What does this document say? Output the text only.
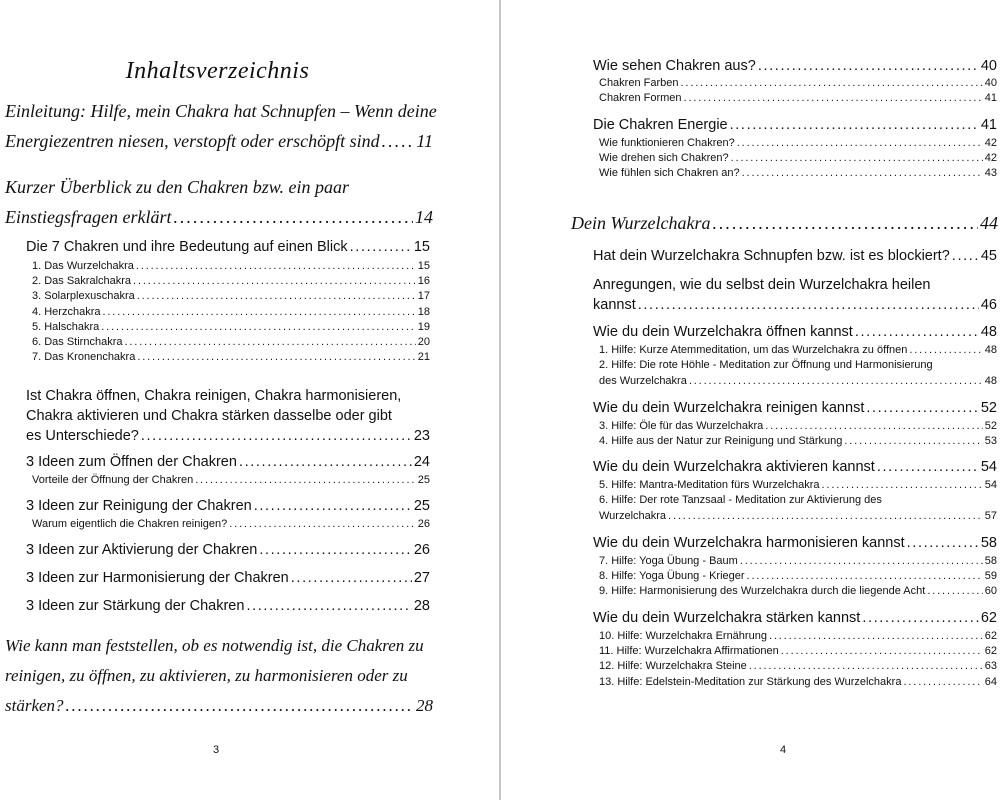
Inhaltsverzeichnis
Einleitung: Hilfe, mein Chakra hat Schnupfen – Wenn deine
Energiezentren niesen, verstopft oder erschöpft sind . . . 11
Kurzer Überblick zu den Chakren bzw. ein paar
Einstiegsfragen erklärt . . .	14
Die 7 Chakren und ihre Bedeutung auf einen Blick . . .	15
1. Das Wurzelchakra . . .	15
2. Das Sakralchakra . . .	16
3. Solarplexuschakra . . .	17
4. Herzchakra . . .	18
5. Halschakra . . .	19
6. Das Stirnchakra . . .	20
7. Das Kronenchakra . . .	21
Ist Chakra öffnen, Chakra reinigen, Chakra harmonisieren,
Chakra aktivieren und Chakra stärken dasselbe oder gibt
es Unterschiede? . . .	23
3 Ideen zum Öffnen der Chakren . . .	24
Vorteile der Öffnung der Chakren . . .	25
3 Ideen zur Reinigung der Chakren . . .	25
Warum eigentlich die Chakren reinigen? . . .	26
3 Ideen zur Aktivierung der Chakren . . .	26
3 Ideen zur Harmonisierung der Chakren . . .	27
3 Ideen zur Stärkung der Chakren . . .	28
Wie kann man feststellen, ob es notwendig ist, die Chakren zu
reinigen, zu öffnen, zu aktivieren, zu harmonisieren oder zu
stärken? . . .	28
3
Wie sehen Chakren aus? . . .	40
Chakren Farben . . .	40
Chakren Formen . . .	41
Die Chakren Energie . . .	41
Wie funktionieren Chakren? . . .	42
Wie drehen sich Chakren? . . .	42
Wie fühlen sich Chakren an? . . .	43
Dein Wurzelchakra . . .	44
Hat dein Wurzelchakra Schnupfen bzw. ist es blockiert? . . . 45
Anregungen, wie du selbst dein Wurzelchakra heilen
kannst . . .	46
Wie du dein Wurzelchakra öffnen kannst . . .	48
1. Hilfe: Kurze Atemmeditation, um das Wurzelchakra zu öffnen . . .	48
2. Hilfe: Die rote Höhle - Meditation zur Öffnung und Harmonisierung
des Wurzelchakra . . .	48
Wie du dein Wurzelchakra reinigen kannst . . .	52
3. Hilfe: Öle für das Wurzelchakra . . .	52
4. Hilfe aus der Natur zur Reinigung und Stärkung . . .	53
Wie du dein Wurzelchakra aktivieren kannst . . .	54
5. Hilfe: Mantra-Meditation fürs Wurzelchakra . . .	54
6. Hilfe: Der rote Tanzsaal - Meditation zur Aktivierung des
Wurzelchakra . . .	57
Wie du dein Wurzelchakra harmonisieren kannst . . .	58
7. Hilfe: Yoga Übung - Baum . . .	58
8. Hilfe: Yoga Übung - Krieger . . .	59
9. Hilfe: Harmonisierung des Wurzelchakra durch die liegende Acht . . .	60
Wie du dein Wurzelchakra stärken kannst . . .	62
10. Hilfe: Wurzelchakra Ernährung . . .	62
11. Hilfe: Wurzelchakra Affirmationen . . .	62
12. Hilfe: Wurzelchakra Steine . . .	63
13. Hilfe: Edelstein-Meditation zur Stärkung des Wurzelchakra . . .	64
4
